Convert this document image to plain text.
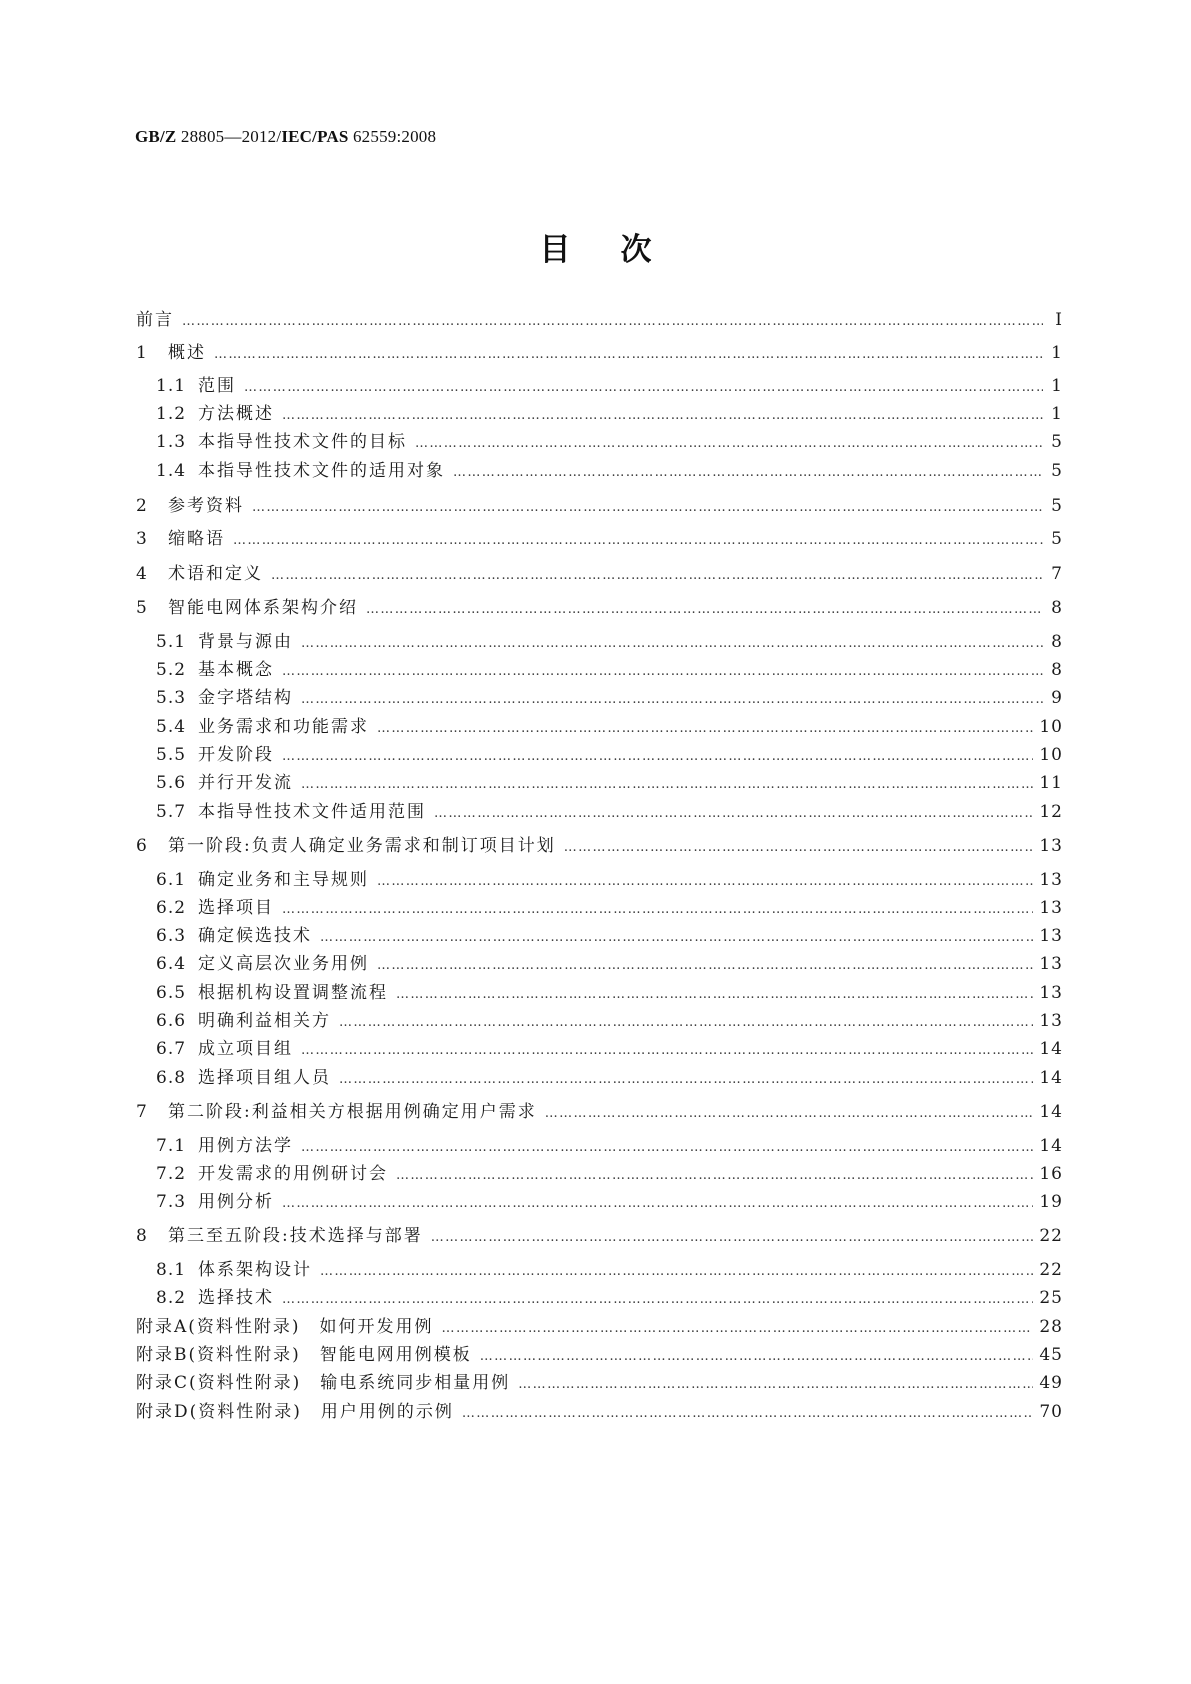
GB/Z 28805—2012/IEC/PAS 62559:2008
目 次
前言 ……………………………………………………………………………………………………………………………………………………………………………………………………………………………………	Ⅰ
1	概述 ……………………………………………………………………………………………………………………………………………………………………………………………………………………………………	1
1.1 范围 ……………………………………………………………………………………………………………………………………………………………………………………………………………………………………	1
1.2 方法概述 ……………………………………………………………………………………………………………………………………………………………………………………………………………………………………	1
1.3 本指导性技术文件的目标 ……………………………………………………………………………………………………………………………………………………………………………………………………………………………………	5
1.4 本指导性技术文件的适用对象 ……………………………………………………………………………………………………………………………………………………………………………………………………………………………………	5
2	参考资料 ……………………………………………………………………………………………………………………………………………………………………………………………………………………………………	5
3	缩略语 ……………………………………………………………………………………………………………………………………………………………………………………………………………………………………	5
4	术语和定义 ……………………………………………………………………………………………………………………………………………………………………………………………………………………………………	7
5	智能电网体系架构介绍 ……………………………………………………………………………………………………………………………………………………………………………………………………………………………………	8
5.1 背景与源由 ……………………………………………………………………………………………………………………………………………………………………………………………………………………………………	8
5.2 基本概念 ……………………………………………………………………………………………………………………………………………………………………………………………………………………………………	8
5.3 金字塔结构 ……………………………………………………………………………………………………………………………………………………………………………………………………………………………………	9
5.4 业务需求和功能需求 ……………………………………………………………………………………………………………………………………………………………………………………………………………………………………	10
5.5 开发阶段 ……………………………………………………………………………………………………………………………………………………………………………………………………………………………………	10
5.6 并行开发流 ……………………………………………………………………………………………………………………………………………………………………………………………………………………………………	11
5.7 本指导性技术文件适用范围 ……………………………………………………………………………………………………………………………………………………………………………………………………………………………………	12
6	第一阶段:负责人确定业务需求和制订项目计划 ……………………………………………………………………………………………………………………………………………………………………………………………………………………………………	13
6.1 确定业务和主导规则 ……………………………………………………………………………………………………………………………………………………………………………………………………………………………………	13
6.2 选择项目 ……………………………………………………………………………………………………………………………………………………………………………………………………………………………………	13
6.3 确定候选技术 ……………………………………………………………………………………………………………………………………………………………………………………………………………………………………	13
6.4 定义高层次业务用例 ……………………………………………………………………………………………………………………………………………………………………………………………………………………………………	13
6.5 根据机构设置调整流程 ……………………………………………………………………………………………………………………………………………………………………………………………………………………………………	13
6.6 明确利益相关方 ……………………………………………………………………………………………………………………………………………………………………………………………………………………………………	13
6.7 成立项目组 ……………………………………………………………………………………………………………………………………………………………………………………………………………………………………	14
6.8 选择项目组人员 ……………………………………………………………………………………………………………………………………………………………………………………………………………………………………	14
7	第二阶段:利益相关方根据用例确定用户需求 ……………………………………………………………………………………………………………………………………………………………………………………………………………………………………	14
7.1 用例方法学 ……………………………………………………………………………………………………………………………………………………………………………………………………………………………………	14
7.2 开发需求的用例研讨会 ……………………………………………………………………………………………………………………………………………………………………………………………………………………………………	16
7.3 用例分析 ……………………………………………………………………………………………………………………………………………………………………………………………………………………………………	19
8	第三至五阶段:技术选择与部署 ……………………………………………………………………………………………………………………………………………………………………………………………………………………………………	22
8.1 体系架构设计 ……………………………………………………………………………………………………………………………………………………………………………………………………………………………………	22
8.2 选择技术 ……………………………………………………………………………………………………………………………………………………………………………………………………………………………………	25
附录A(资料性附录)　如何开发用例 ……………………………………………………………………………………………………………………………………………………………………………………………………………………………………	28
附录B(资料性附录)　智能电网用例模板 ……………………………………………………………………………………………………………………………………………………………………………………………………………………………………	45
附录C(资料性附录)　输电系统同步相量用例 ……………………………………………………………………………………………………………………………………………………………………………………………………………………………………	49
附录D(资料性附录)　用户用例的示例 ……………………………………………………………………………………………………………………………………………………………………………………………………………………………………	70
